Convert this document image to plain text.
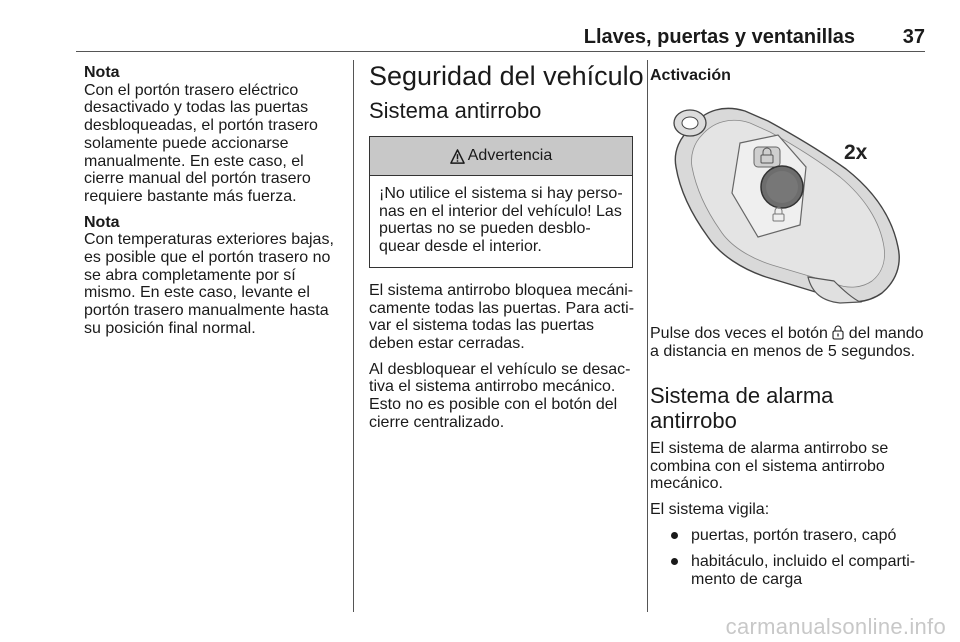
Llaves, puertas y ventanillas 37
Nota
Con el portón trasero eléctrico
desactivado y todas las puertas
desbloqueadas, el portón trasero
solamente puede accionarse
manualmente. En este caso, el
cierre manual del portón trasero
requiere bastante más fuerza.
Nota
Con temperaturas exteriores bajas,
es posible que el portón trasero no
se abra completamente por sí
mismo. En este caso, levante el
portón trasero manualmente hasta
su posición final normal.
Seguridad del vehículo
Sistema antirrobo
Advertencia
¡No utilice el sistema si hay perso-
nas en el interior del vehículo! Las
puertas no se pueden desblo-
quear desde el interior.
El sistema antirrobo bloquea mecáni-
camente todas las puertas. Para acti-
var el sistema todas las puertas
deben estar cerradas.
Al desbloquear el vehículo se desac-
tiva el sistema antirrobo mecánico.
Esto no es posible con el botón del
cierre centralizado.
Activación
2x
Pulse dos veces el botón del mando
a distancia en menos de 5 segundos.
Sistema de alarma
antirrobo
El sistema de alarma antirrobo se
combina con el sistema antirrobo
mecánico.
El sistema vigila:
puertas, portón trasero, capó
habitáculo, incluido el comparti-
mento de carga
carmanualsonline.info
